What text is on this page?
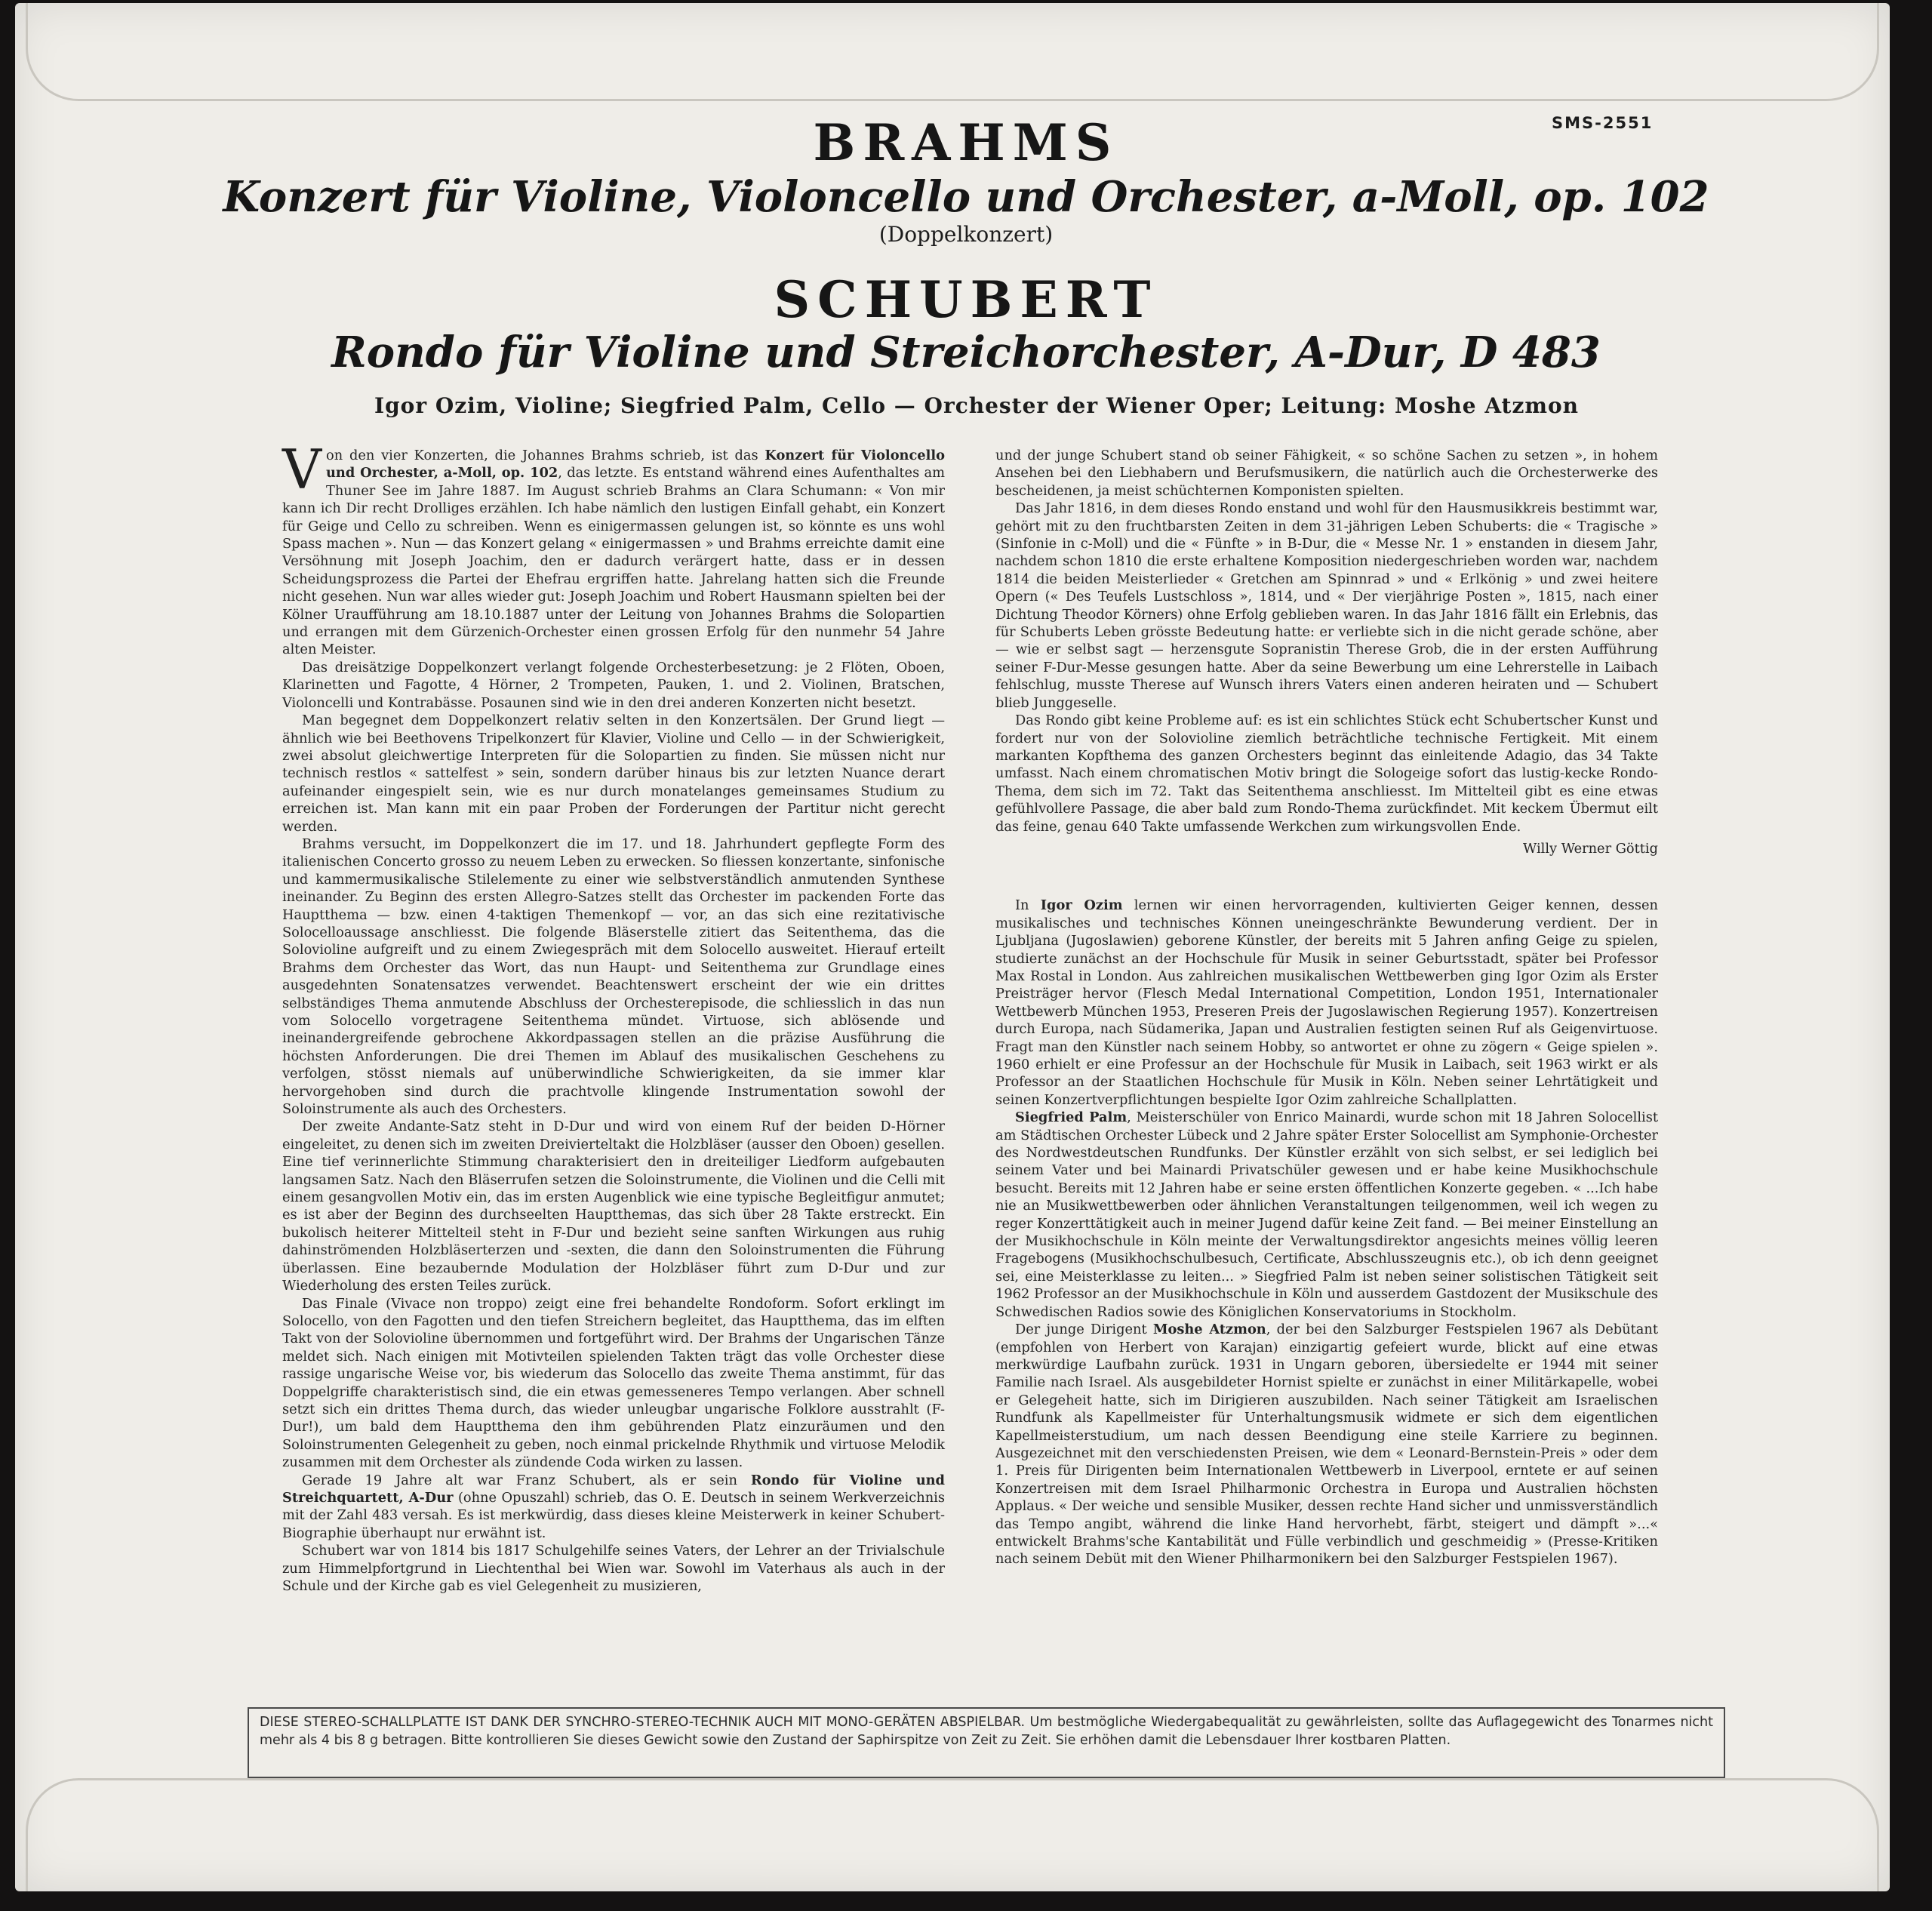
SMS-2551
BRAHMS
Konzert für Violine, Violoncello und Orchester, a-Moll, op. 102
(Doppelkonzert)
SCHUBERT
Rondo für Violine und Streichorchester, A-Dur, D 483
Igor Ozim, Violine; Siegfried Palm, Cello — Orchester der Wiener Oper; Leitung: Moshe Atzmon

Von den vier Konzerten, die Johannes Brahms schrieb, ist das Konzert für Violoncello und Orchester, a-Moll, op. 102, das letzte. Es entstand während eines Aufenthaltes am Thuner See im Jahre 1887. Im August schrieb Brahms an Clara Schumann: « Von mir kann ich Dir recht Drolliges erzählen. Ich habe nämlich den lustigen Einfall gehabt, ein Konzert für Geige und Cello zu schreiben. Wenn es einigermassen gelungen ist, so könnte es uns wohl Spass machen ». Nun — das Konzert gelang « einigermassen » und Brahms erreichte damit eine Versöhnung mit Joseph Joachim, den er dadurch verärgert hatte, dass er in dessen Scheidungsprozess die Partei der Ehefrau ergriffen hatte. Jahrelang hatten sich die Freunde nicht gesehen. Nun war alles wieder gut: Joseph Joachim und Robert Hausmann spielten bei der Kölner Uraufführung am 18.10.1887 unter der Leitung von Johannes Brahms die Solopartien und errangen mit dem Gürzenich-Orchester einen grossen Erfolg für den nunmehr 54 Jahre alten Meister.

Das dreisätzige Doppelkonzert verlangt folgende Orchesterbesetzung: je 2 Flöten, Oboen, Klarinetten und Fagotte, 4 Hörner, 2 Trompeten, Pauken, 1. und 2. Violinen, Bratschen, Violoncelli und Kontrabässe. Posaunen sind wie in den drei anderen Konzerten nicht besetzt.

Man begegnet dem Doppelkonzert relativ selten in den Konzertsälen. Der Grund liegt — ähnlich wie bei Beethovens Tripelkonzert für Klavier, Violine und Cello — in der Schwierigkeit, zwei absolut gleichwertige Interpreten für die Solopartien zu finden. Sie müssen nicht nur technisch restlos « sattelfest » sein, sondern darüber hinaus bis zur letzten Nuance derart aufeinander eingespielt sein, wie es nur durch monatelanges gemeinsames Studium zu erreichen ist. Man kann mit ein paar Proben der Forderungen der Partitur nicht gerecht werden.

Brahms versucht, im Doppelkonzert die im 17. und 18. Jahrhundert gepflegte Form des italienischen Concerto grosso zu neuem Leben zu erwecken. So fliessen konzertante, sinfonische und kammermusikalische Stilelemente zu einer wie selbstverständlich anmutenden Synthese ineinander. Zu Beginn des ersten Allegro-Satzes stellt das Orchester im packenden Forte das Hauptthema — bzw. einen 4-taktigen Themenkopf — vor, an das sich eine rezitativische Solocelloaussage anschliesst. Die folgende Bläserstelle zitiert das Seitenthema, das die Solovioline aufgreift und zu einem Zwiegespräch mit dem Solocello ausweitet. Hierauf erteilt Brahms dem Orchester das Wort, das nun Haupt- und Seitenthema zur Grundlage eines ausgedehnten Sonatensatzes verwendet. Beachtenswert erscheint der wie ein drittes selbständiges Thema anmutende Abschluss der Orchesterepisode, die schliesslich in das nun vom Solocello vorgetragene Seitenthema mündet. Virtuose, sich ablösende und ineinandergreifende gebrochene Akkordpassagen stellen an die präzise Ausführung die höchsten Anforderungen. Die drei Themen im Ablauf des musikalischen Geschehens zu verfolgen, stösst niemals auf unüberwindliche Schwierigkeiten, da sie immer klar hervorgehoben sind durch die prachtvolle klingende Instrumentation sowohl der Soloinstrumente als auch des Orchesters.

Der zweite Andante-Satz steht in D-Dur und wird von einem Ruf der beiden D-Hörner eingeleitet, zu denen sich im zweiten Dreivierteltakt die Holzbläser (ausser den Oboen) gesellen. Eine tief verinnerlichte Stimmung charakterisiert den in dreiteiliger Liedform aufgebauten langsamen Satz. Nach den Bläserrufen setzen die Soloinstrumente, die Violinen und die Celli mit einem gesangvollen Motiv ein, das im ersten Augenblick wie eine typische Begleitfigur anmutet; es ist aber der Beginn des durchseelten Hauptthemas, das sich über 28 Takte erstreckt. Ein bukolisch heiterer Mittelteil steht in F-Dur und bezieht seine sanften Wirkungen aus ruhig dahinströmenden Holzbläserterzen und -sexten, die dann den Soloinstrumenten die Führung überlassen. Eine bezaubernde Modulation der Holzbläser führt zum D-Dur und zur Wiederholung des ersten Teiles zurück.

Das Finale (Vivace non troppo) zeigt eine frei behandelte Rondoform. Sofort erklingt im Solocello, von den Fagotten und den tiefen Streichern begleitet, das Hauptthema, das im elften Takt von der Solovioline übernommen und fortgeführt wird. Der Brahms der Ungarischen Tänze meldet sich. Nach einigen mit Motivteilen spielenden Takten trägt das volle Orchester diese rassige ungarische Weise vor, bis wiederum das Solocello das zweite Thema anstimmt, für das Doppelgriffe charakteristisch sind, die ein etwas gemesseneres Tempo verlangen. Aber schnell setzt sich ein drittes Thema durch, das wieder unleugbar ungarische Folklore ausstrahlt (F-Dur!), um bald dem Hauptthema den ihm gebührenden Platz einzuräumen und den Soloinstrumenten Gelegenheit zu geben, noch einmal prickelnde Rhythmik und virtuose Melodik zusammen mit dem Orchester als zündende Coda wirken zu lassen.

Gerade 19 Jahre alt war Franz Schubert, als er sein Rondo für Violine und Streichquartett, A-Dur (ohne Opuszahl) schrieb, das O. E. Deutsch in seinem Werkverzeichnis mit der Zahl 483 versah. Es ist merkwürdig, dass dieses kleine Meisterwerk in keiner Schubert-Biographie überhaupt nur erwähnt ist.

Schubert war von 1814 bis 1817 Schulgehilfe seines Vaters, der Lehrer an der Trivialschule zum Himmelpfortgrund in Liechtenthal bei Wien war. Sowohl im Vaterhaus als auch in der Schule und der Kirche gab es viel Gelegenheit zu musizieren,

und der junge Schubert stand ob seiner Fähigkeit, « so schöne Sachen zu setzen », in hohem Ansehen bei den Liebhabern und Berufsmusikern, die natürlich auch die Orchesterwerke des bescheidenen, ja meist schüchternen Komponisten spielten.

Das Jahr 1816, in dem dieses Rondo enstand und wohl für den Hausmusikkreis bestimmt war, gehört mit zu den fruchtbarsten Zeiten in dem 31-jährigen Leben Schuberts: die « Tragische » (Sinfonie in c-Moll) und die « Fünfte » in B-Dur, die « Messe Nr. 1 » enstanden in diesem Jahr, nachdem schon 1810 die erste erhaltene Komposition niedergeschrieben worden war, nachdem 1814 die beiden Meisterlieder « Gretchen am Spinnrad » und « Erlkönig » und zwei heitere Opern (« Des Teufels Lustschloss », 1814, und « Der vierjährige Posten », 1815, nach einer Dichtung Theodor Körners) ohne Erfolg geblieben waren. In das Jahr 1816 fällt ein Erlebnis, das für Schuberts Leben grösste Bedeutung hatte: er verliebte sich in die nicht gerade schöne, aber — wie er selbst sagt — herzensgute Sopranistin Therese Grob, die in der ersten Aufführung seiner F-Dur-Messe gesungen hatte. Aber da seine Bewerbung um eine Lehrerstelle in Laibach fehlschlug, musste Therese auf Wunsch ihrers Vaters einen anderen heiraten und — Schubert blieb Junggeselle.

Das Rondo gibt keine Probleme auf: es ist ein schlichtes Stück echt Schubertscher Kunst und fordert nur von der Solovioline ziemlich beträchtliche technische Fertigkeit. Mit einem markanten Kopfthema des ganzen Orchesters beginnt das einleitende Adagio, das 34 Takte umfasst. Nach einem chromatischen Motiv bringt die Sologeige sofort das lustig-kecke Rondo-Thema, dem sich im 72. Takt das Seitenthema anschliesst. Im Mittelteil gibt es eine etwas gefühlvollere Passage, die aber bald zum Rondo-Thema zurückfindet. Mit keckem Übermut eilt das feine, genau 640 Takte umfassende Werkchen zum wirkungsvollen Ende.

Willy Werner Göttig

In Igor Ozim lernen wir einen hervorragenden, kultivierten Geiger kennen, dessen musikalisches und technisches Können uneingeschränkte Bewunderung verdient. Der in Ljubljana (Jugoslawien) geborene Künstler, der bereits mit 5 Jahren anfing Geige zu spielen, studierte zunächst an der Hochschule für Musik in seiner Geburtsstadt, später bei Professor Max Rostal in London. Aus zahlreichen musikalischen Wettbewerben ging Igor Ozim als Erster Preisträger hervor (Flesch Medal International Competition, London 1951, Internationaler Wettbewerb München 1953, Preseren Preis der Jugoslawischen Regierung 1957). Konzertreisen durch Europa, nach Südamerika, Japan und Australien festigten seinen Ruf als Geigenvirtuose. Fragt man den Künstler nach seinem Hobby, so antwortet er ohne zu zögern « Geige spielen ». 1960 erhielt er eine Professur an der Hochschule für Musik in Laibach, seit 1963 wirkt er als Professor an der Staatlichen Hochschule für Musik in Köln. Neben seiner Lehrtätigkeit und seinen Konzertverpflichtungen bespielte Igor Ozim zahlreiche Schallplatten.

Siegfried Palm, Meisterschüler von Enrico Mainardi, wurde schon mit 18 Jahren Solocellist am Städtischen Orchester Lübeck und 2 Jahre später Erster Solocellist am Symphonie-Orchester des Nordwestdeutschen Rundfunks. Der Künstler erzählt von sich selbst, er sei lediglich bei seinem Vater und bei Mainardi Privatschüler gewesen und er habe keine Musikhochschule besucht. Bereits mit 12 Jahren habe er seine ersten öffentlichen Konzerte gegeben. « ...Ich habe nie an Musikwettbewerben oder ähnlichen Veranstaltungen teilgenommen, weil ich wegen zu reger Konzerttätigkeit auch in meiner Jugend dafür keine Zeit fand. — Bei meiner Einstellung an der Musikhochschule in Köln meinte der Verwaltungsdirektor angesichts meines völlig leeren Fragebogens (Musikhochschulbesuch, Certificate, Abschlusszeugnis etc.), ob ich denn geeignet sei, eine Meisterklasse zu leiten... » Siegfried Palm ist neben seiner solistischen Tätigkeit seit 1962 Professor an der Musikhochschule in Köln und ausserdem Gastdozent der Musikschule des Schwedischen Radios sowie des Königlichen Konservatoriums in Stockholm.

Der junge Dirigent Moshe Atzmon, der bei den Salzburger Festspielen 1967 als Debütant (empfohlen von Herbert von Karajan) einzigartig gefeiert wurde, blickt auf eine etwas merkwürdige Laufbahn zurück. 1931 in Ungarn geboren, übersiedelte er 1944 mit seiner Familie nach Israel. Als ausgebildeter Hornist spielte er zunächst in einer Militärkapelle, wobei er Gelegeheit hatte, sich im Dirigieren auszubilden. Nach seiner Tätigkeit am Israelischen Rundfunk als Kapellmeister für Unterhaltungsmusik widmete er sich dem eigentlichen Kapellmeisterstudium, um nach dessen Beendigung eine steile Karriere zu beginnen. Ausgezeichnet mit den verschiedensten Preisen, wie dem « Leonard-Bernstein-Preis » oder dem 1. Preis für Dirigenten beim Internationalen Wettbewerb in Liverpool, erntete er auf seinen Konzertreisen mit dem Israel Philharmonic Orchestra in Europa und Australien höchsten Applaus. « Der weiche und sensible Musiker, dessen rechte Hand sicher und unmissverständlich das Tempo angibt, während die linke Hand hervorhebt, färbt, steigert und dämpft »...« entwickelt Brahms'sche Kantabilität und Fülle verbindlich und geschmeidig » (Presse-Kritiken nach seinem Debüt mit den Wiener Philharmonikern bei den Salzburger Festspielen 1967).

DIESE STEREO-SCHALLPLATTE IST DANK DER SYNCHRO-STEREO-TECHNIK AUCH MIT MONO-GERÄTEN ABSPIELBAR. Um bestmögliche Wiedergabequalität zu gewährleisten, sollte das Auflagegewicht des Tonarmes nicht mehr als 4 bis 8 g betragen. Bitte kontrollieren Sie dieses Gewicht sowie den Zustand der Saphirspitze von Zeit zu Zeit. Sie erhöhen damit die Lebensdauer Ihrer kostbaren Platten.
